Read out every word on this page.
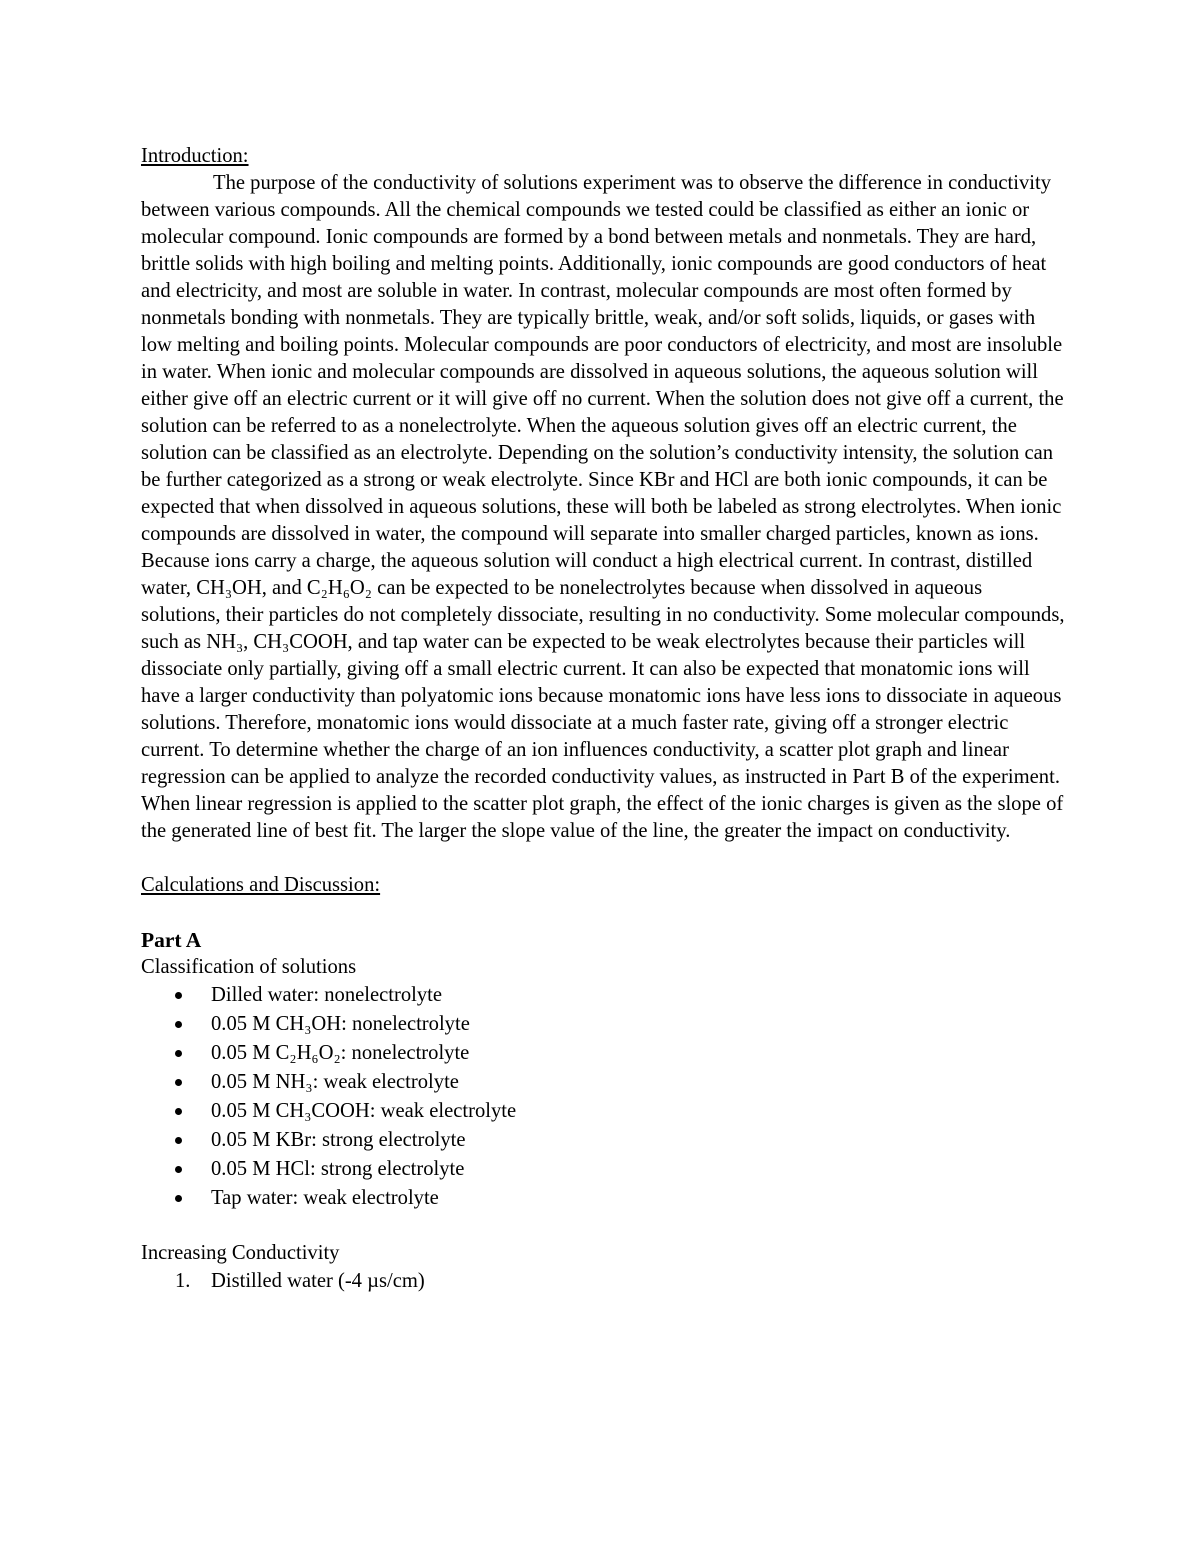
Introduction:

The purpose of the conductivity of solutions experiment was to observe the difference in conductivity between various compounds. All the chemical compounds we tested could be classified as either an ionic or molecular compound. Ionic compounds are formed by a bond between metals and nonmetals. They are hard, brittle solids with high boiling and melting points. Additionally, ionic compounds are good conductors of heat and electricity, and most are soluble in water. In contrast, molecular compounds are most often formed by nonmetals bonding with nonmetals. They are typically brittle, weak, and/or soft solids, liquids, or gases with low melting and boiling points. Molecular compounds are poor conductors of electricity, and most are insoluble in water. When ionic and molecular compounds are dissolved in aqueous solutions, the aqueous solution will either give off an electric current or it will give off no current. When the solution does not give off a current, the solution can be referred to as a nonelectrolyte. When the aqueous solution gives off an electric current, the solution can be classified as an electrolyte. Depending on the solution’s conductivity intensity, the solution can be further categorized as a strong or weak electrolyte. Since KBr and HCl are both ionic compounds, it can be expected that when dissolved in aqueous solutions, these will both be labeled as strong electrolytes. When ionic compounds are dissolved in water, the compound will separate into smaller charged particles, known as ions. Because ions carry a charge, the aqueous solution will conduct a high electrical current. In contrast, distilled water, CH₃OH, and C₂H₆O₂ can be expected to be nonelectrolytes because when dissolved in aqueous solutions, their particles do not completely dissociate, resulting in no conductivity. Some molecular compounds, such as NH₃, CH₃COOH, and tap water can be expected to be weak electrolytes because their particles will dissociate only partially, giving off a small electric current. It can also be expected that monatomic ions will have a larger conductivity than polyatomic ions because monatomic ions have less ions to dissociate in aqueous solutions. Therefore, monatomic ions would dissociate at a much faster rate, giving off a stronger electric current. To determine whether the charge of an ion influences conductivity, a scatter plot graph and linear regression can be applied to analyze the recorded conductivity values, as instructed in Part B of the experiment. When linear regression is applied to the scatter plot graph, the effect of the ionic charges is given as the slope of the generated line of best fit. The larger the slope value of the line, the greater the impact on conductivity.

Calculations and Discussion:

Part A

Classification of solutions

Dilled water: nonelectrolyte
0.05 M CH₃OH: nonelectrolyte
0.05 M C₂H₆O₂: nonelectrolyte
0.05 M NH₃: weak electrolyte
0.05 M CH₃COOH: weak electrolyte
0.05 M KBr: strong electrolyte
0.05 M HCl: strong electrolyte
Tap water: weak electrolyte

Increasing Conductivity

1. Distilled water (-4 µs/cm)
